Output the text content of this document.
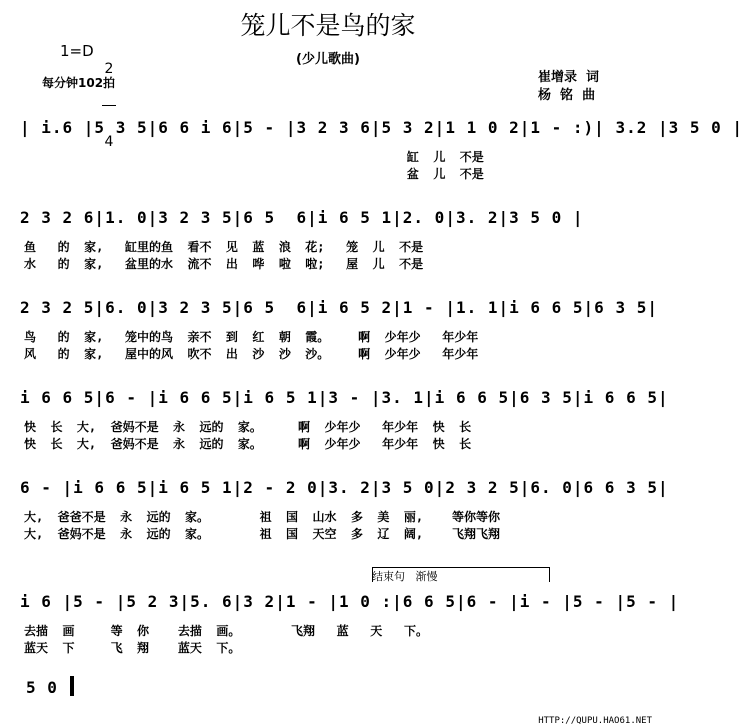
笼儿不是鸟的家
(少儿歌曲)
1=D

2

4

每分钟102拍	崔增录  词
杨  铭  曲
| i.6 |5 3 5|6 6 i 6|5 - |3 2 3 6|5 3 2|1 1 0 2|1 - :)| 3.2 |3 5 0 |
缸  儿  不是
盆  儿  不是
2 3 2 6|1. 0|3 2 3 5|6 5  6|i 6 5 1|2. 0|3. 2|3 5 0 |
鱼   的  家,   缸里的鱼  看不  见  蓝  浪  花;   笼  儿  不是
水   的  家,   盆里的水  流不  出  哗  啦  啦;   屋  儿  不是
2 3 2 5|6. 0|3 2 3 5|6 5  6|i 6 5 2|1 - |1. 1|i 6 6 5|6 3 5|
鸟   的  家,   笼中的鸟  亲不  到  红  朝  霞。    啊  少年少   年少年
风   的  家,   屋中的风  吹不  出  沙  沙  沙。    啊  少年少   年少年
i 6 6 5|6 - |i 6 6 5|i 6 5 1|3 - |3. 1|i 6 6 5|6 3 5|i 6 6 5|
快  长  大,  爸妈不是  永  远的  家。     啊  少年少   年少年  快  长
快  长  大,  爸妈不是  永  远的  家。     啊  少年少   年少年  快  长
6 - |i 6 6 5|i 6 5 1|2 - 2 0|3. 2|3 5 0|2 3 2 5|6. 0|6 6 3 5|
大,  爸爸不是  永  远的  家。       祖  国  山水  多  美  丽,    等你等你
大,  爸妈不是  永  远的  家。       祖  国  天空  多  辽  阔,    飞翔飞翔
结束句   渐慢
i 6 |5 - |5 2 3|5. 6|3 2|1 - |1 0 :|6 6 5|6 - |i - |5 - |5 - |
去描  画     等  你    去描  画。       飞翔   蓝   天   下。
蓝天  下     飞  翔    蓝天  下。
5 0
HTTP://QUPU.HAO61.NET
